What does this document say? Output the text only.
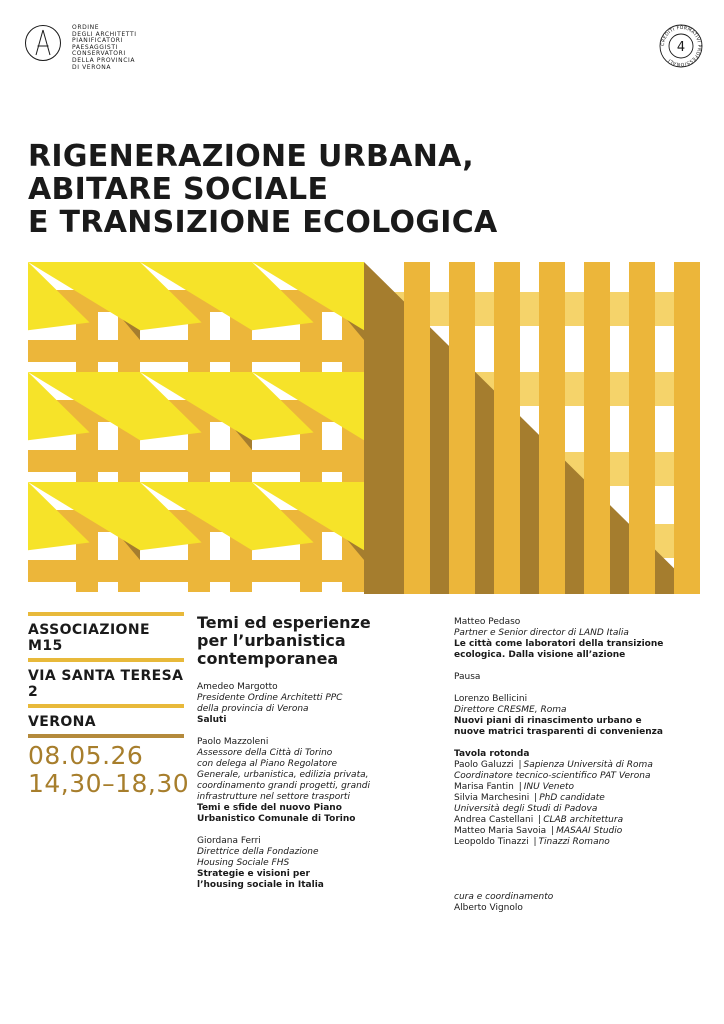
ORDINE
DEGLI ARCHITETTI
PIANIFICATORI
PAESAGGISTI
CONSERVATORI
DELLA PROVINCIA
DI VERONA
CREDITI FORMATIVI PROFESSIONALI
4
RIGENERAZIONE URBANA,
ABITARE SOCIALE
E TRANSIZIONE ECOLOGICA
ASSOCIAZIONE M15
VIA SANTA TERESA 2
VERONA
08.05.26
14,30–18,30
Temi ed esperienze per l’urbanistica contemporanea
Amedeo Margotto
Presidente Ordine Architetti PPC
della provincia di Verona
Saluti
Paolo Mazzoleni
Assessore della Città di Torino
con delega al Piano Regolatore
Generale, urbanistica, edilizia privata,
coordinamento grandi progetti, grandi
infrastrutture nel settore trasporti
Temi e sfide del nuovo Piano
Urbanistico Comunale di Torino
Giordana Ferri
Direttrice della Fondazione
Housing Sociale FHS
Strategie e visioni per
l’housing sociale in Italia
Matteo Pedaso
Partner e Senior director di LAND Italia
Le città come laboratori della transizione
ecologica. Dalla visione all’azione
Pausa
Lorenzo Bellicini
Direttore CRESME, Roma
Nuovi piani di rinascimento urbano e
nuove matrici trasparenti di convenienza
Tavola rotonda
Paolo Galuzzi | Sapienza Università di Roma
Coordinatore tecnico-scientifico PAT Verona
Marisa Fantin | INU Veneto
Silvia Marchesini | PhD candidate
Università degli Studi di Padova
Andrea Castellani | CLAB architettura
Matteo Maria Savoia | MASAAI Studio
Leopoldo Tinazzi | Tinazzi Romano
cura e coordinamento
Alberto Vignolo
